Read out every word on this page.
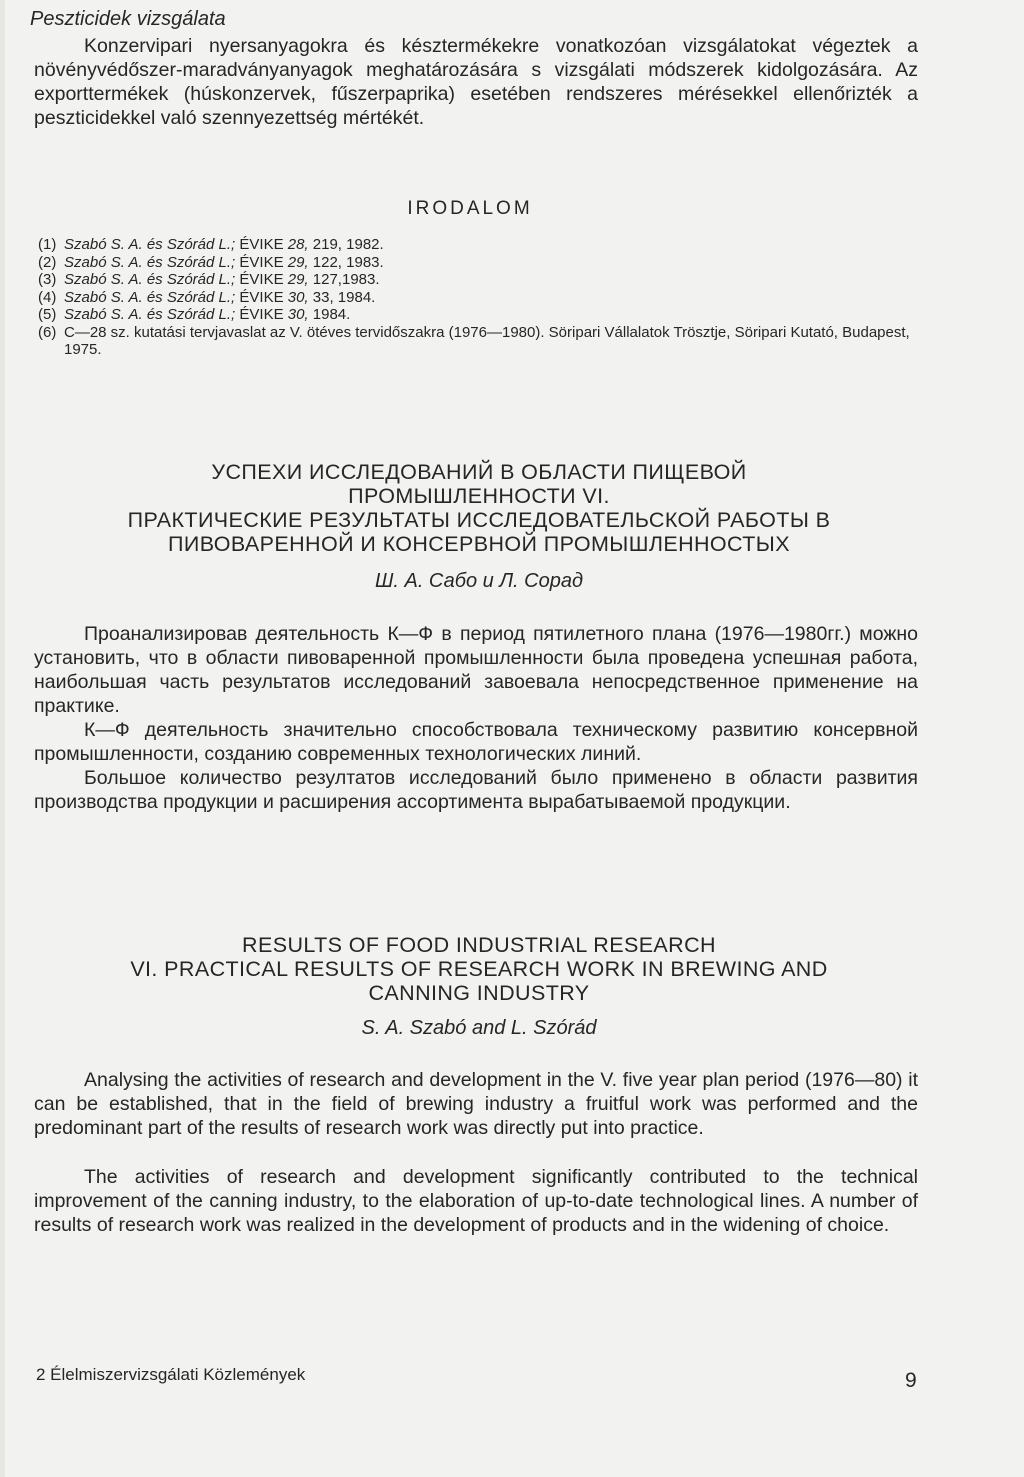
Peszticidek vizsgálata

Konzervipari nyersanyagokra és késztermékekre vonatkozóan vizsgálatokat végeztek a növényvédőszer-maradványanyagok meghatározására s vizsgálati módszerek kidolgozására. Az exporttermékek (húskonzervek, fűszerpaprika) esetében rendszeres mérésekkel ellenőrizték a peszticidekkel való szennyezettség mértékét.

IRODALOM
(1) Szabó S. A. és Szórád L.; ÉVIKE 28, 219, 1982.
(2) Szabó S. A. és Szórád L.; ÉVIKE 29, 122, 1983.
(3) Szabó S. A. és Szórád L.; ÉVIKE 29, 127,1983.
(4) Szabó S. A. és Szórád L.; ÉVIKE 30, 33, 1984.
(5) Szabó S. A. és Szórád L.; ÉVIKE 30, 1984.
(6) C—28 sz. kutatási tervjavaslat az V. ötéves tervidőszakra (1976—1980). Söripari Vállalatok Trösztje, Söripari Kutató, Budapest, 1975.
УСПЕХИ ИССЛЕДОВАНИЙ В ОБЛАСТИ ПИЩЕВОЙ
ПРОМЫШЛЕННОСТИ VI.
ПРАКТИЧЕСКИЕ РЕЗУЛЬТАТЫ ИССЛЕДОВАТЕЛЬСКОЙ РАБОТЫ В
ПИВОВАРЕННОЙ И КОНСЕРВНОЙ ПРОМЫШЛЕННОСТЫХ
Ш. А. Сабо и Л. Сорад

Проанализировав деятельность К—Ф в период пятилетного плана (1976—1980гг.) можно установить, что в области пивоваренной промышленности была проведена успешная работа, наибольшая часть результатов исследований завоевала непосредственное применение на практике.

К—Ф деятельность значительно способствовала техническому развитию консервной промышленности, созданию современных технологических линий.

Большое количество резултатов исследований было применено в области развития производства продукции и расширения ассортимента вырабатываемой продукции.

RESULTS OF FOOD INDUSTRIAL RESEARCH
VI. PRACTICAL RESULTS OF RESEARCH WORK IN BREWING AND
CANNING INDUSTRY
S. A. Szabó and L. Szórád

Analysing the activities of research and development in the V. five year plan period (1976—80) it can be established, that in the field of brewing industry a fruitful work was performed and the predominant part of the results of research work was directly put into practice.

The activities of research and development significantly contributed to the technical improvement of the canning industry, to the elaboration of up-to-date technological lines. A number of results of research work was realized in the development of products and in the widening of choice.

2 Élelmiszervizsgálati Közlemények	9
